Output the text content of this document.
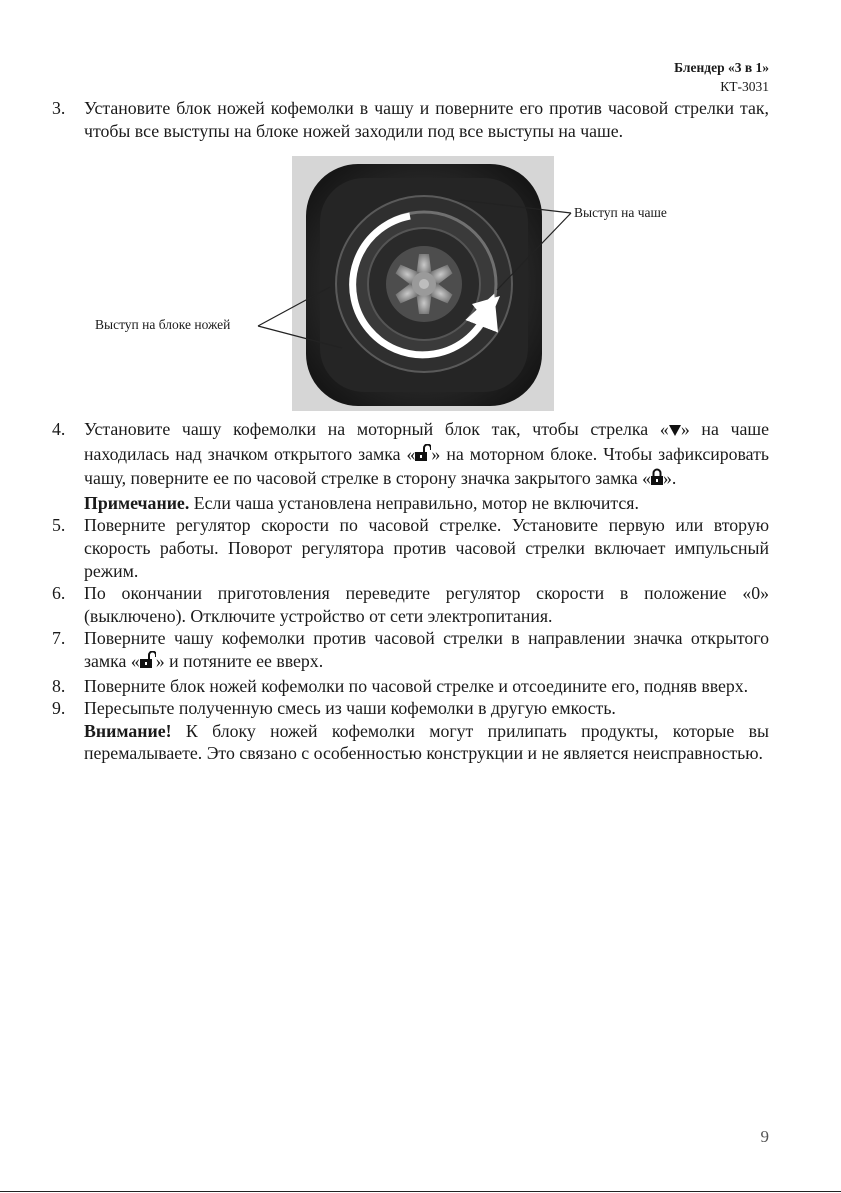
Блендер «3 в 1»
КТ-3031
3. Установите блок ножей кофемолки в чашу и поверните его против часовой стрелки так, чтобы все выступы на блоке ножей заходили под все выступы на чаше.
Выступ на чаше
Выступ на блоке ножей
4. Установите чашу кофемолки на моторный блок так, чтобы стрелка « » на чаше находилась над значком открытого замка « » на моторном блоке. Чтобы зафиксировать чашу, поверните ее по часовой стрелке в сторону значка закрытого замка « ».
Примечание. Если чаша установлена неправильно, мотор не включится.
5. Поверните регулятор скорости по часовой стрелке. Установите первую или вторую скорость работы. Поворот регулятора против часовой стрелки включает импульсный режим.
6. По окончании приготовления переведите регулятор скорости в положение «0» (выключено). Отключите устройство от сети электропитания.
7. Поверните чашу кофемолки против часовой стрелки в направлении значка открытого замка « » и потяните ее вверх.
8. Поверните блок ножей кофемолки по часовой стрелке и отсоедините его, подняв вверх.
9. Пересыпьте полученную смесь из чаши кофемолки в другую емкость.
Внимание! К блоку ножей кофемолки могут прилипать продукты, которые вы перемалываете. Это связано с особенностью конструкции и не является неисправностью.
9
